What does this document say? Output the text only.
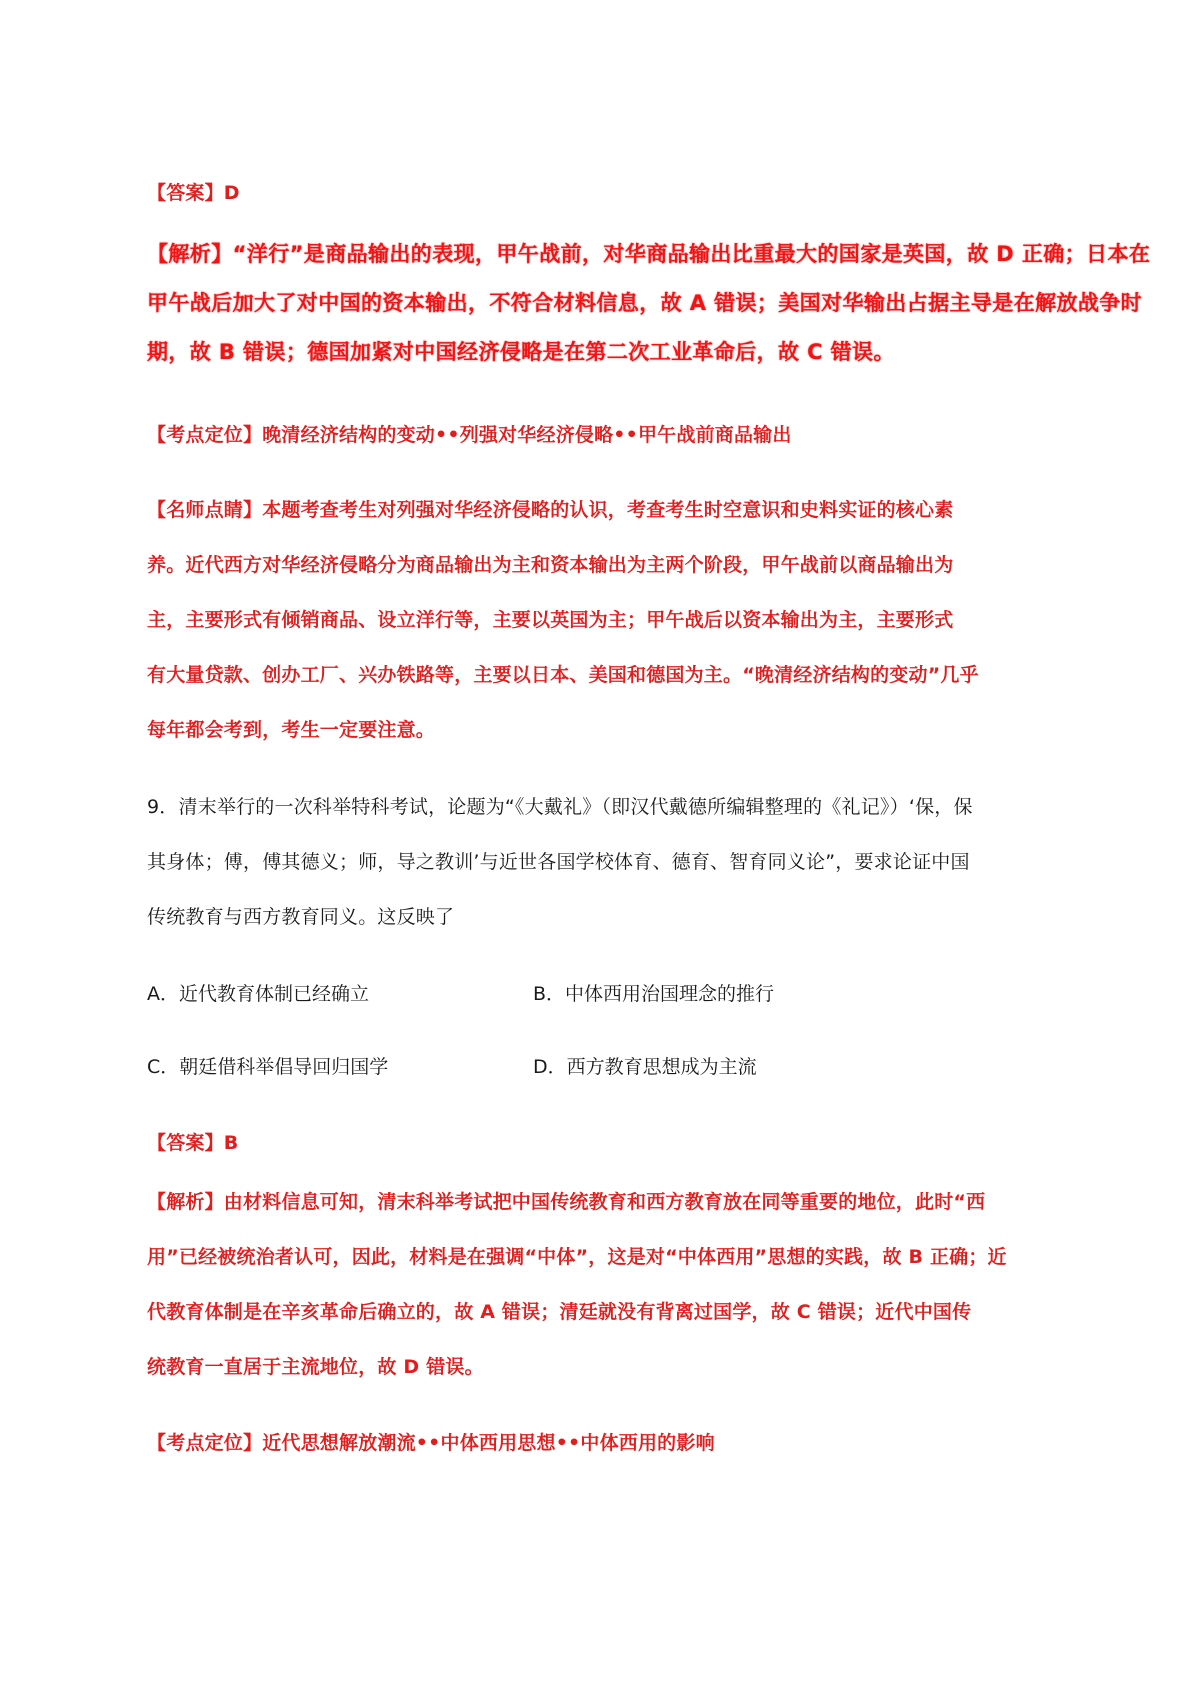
【答案】D
【解析】“洋行”是商品输出的表现，甲午战前，对华商品输出比重最大的国家是英国，故 D 正确；日本在
甲午战后加大了对中国的资本输出，不符合材料信息，故 A 错误；美国对华输出占据主导是在解放战争时
期，故 B 错误；德国加紧对中国经济侵略是在第二次工业革命后，故 C 错误。
【考点定位】晚清经济结构的变动••列强对华经济侵略••甲午战前商品输出
【名师点睛】本题考查考生对列强对华经济侵略的认识，考查考生时空意识和史料实证的核心素
养。近代西方对华经济侵略分为商品输出为主和资本输出为主两个阶段，甲午战前以商品输出为
主，主要形式有倾销商品、设立洋行等，主要以英国为主；甲午战后以资本输出为主，主要形式
有大量贷款、创办工厂、兴办铁路等，主要以日本、美国和德国为主。“晚清经济结构的变动”几乎
每年都会考到，考生一定要注意。
9．清末举行的一次科举特科考试，论题为“《大戴礼》（即汉代戴德所编辑整理的《礼记》）‘保，保
其身体；傅，傅其德义；师，导之教训’与近世各国学校体育、德育、智育同义论”，要求论证中国
传统教育与西方教育同义。这反映了
A．近代教育体制已经确立	B．中体西用治国理念的推行
C．朝廷借科举倡导回归国学	D．西方教育思想成为主流
【答案】B
【解析】由材料信息可知，清末科举考试把中国传统教育和西方教育放在同等重要的地位，此时“西
用”已经被统治者认可，因此，材料是在强调“中体”，这是对“中体西用”思想的实践，故 B 正确；近
代教育体制是在辛亥革命后确立的，故 A 错误；清廷就没有背离过国学，故 C 错误；近代中国传
统教育一直居于主流地位，故 D 错误。
【考点定位】近代思想解放潮流••中体西用思想••中体西用的影响
